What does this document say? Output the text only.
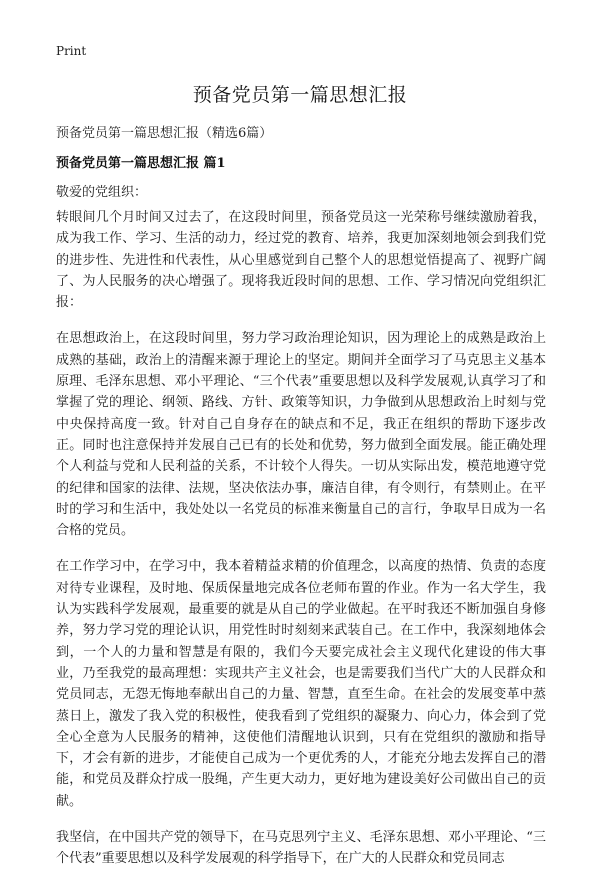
Print
预备党员第一篇思想汇报
预备党员第一篇思想汇报（精选6篇）
预备党员第一篇思想汇报 篇1
敬爱的党组织：

转眼间几个月时间又过去了，在这段时间里，预备党员这一光荣称号继续激励着我，成为我工作、学习、生活的动力，经过党的教育、培养，我更加深刻地领会到我们党的进步性、先进性和代表性，从心里感觉到自己整个人的思想觉悟提高了、视野广阔了、为人民服务的决心增强了。现将我近段时间的思想、工作、学习情况向党组织汇报：

在思想政治上，在这段时间里，努力学习政治理论知识，因为理论上的成熟是政治上成熟的基础，政治上的清醒来源于理论上的坚定。期间并全面学习了马克思主义基本原理、毛泽东思想、邓小平理论、“三个代表”重要思想以及科学发展观,认真学习了和掌握了党的理论、纲领、路线、方针、政策等知识，力争做到从思想政治上时刻与党中央保持高度一致。针对自己自身存在的缺点和不足，我正在组织的帮助下逐步改正。同时也注意保持并发展自己已有的长处和优势，努力做到全面发展。能正确处理个人利益与党和人民利益的关系，不计较个人得失。一切从实际出发，模范地遵守党的纪律和国家的法律、法规，坚决依法办事，廉洁自律，有令则行，有禁则止。在平时的学习和生活中，我处处以一名党员的标准来衡量自己的言行，争取早日成为一名合格的党员。

在工作学习中，在学习中，我本着精益求精的价值理念，以高度的热情、负责的态度对待专业课程，及时地、保质保量地完成各位老师布置的作业。作为一名大学生，我认为实践科学发展观，最重要的就是从自己的学业做起。在平时我还不断加强自身修养，努力学习党的理论认识，用党性时时刻刻来武装自己。在工作中，我深刻地体会到，一个人的力量和智慧是有限的，我们今天要完成社会主义现代化建设的伟大事业，乃至我党的最高理想：实现共产主义社会，也是需要我们当代广大的人民群众和党员同志，无怨无悔地奉献出自己的力量、智慧，直至生命。在社会的发展变革中蒸蒸日上，激发了我入党的积极性，使我看到了党组织的凝聚力、向心力，体会到了党全心全意为人民服务的精神，这使他们清醒地认识到，只有在党组织的激励和指导下，才会有新的进步，才能使自己成为一个更优秀的人，才能充分地去发挥自己的潜能，和党员及群众拧成一股绳，产生更大动力，更好地为建设美好公司做出自己的贡献。

我坚信，在中国共产党的领导下，在马克思列宁主义、毛泽东思想、邓小平理论、“三个代表”重要思想以及科学发展观的科学指导下，在广大的人民群众和党员同志
